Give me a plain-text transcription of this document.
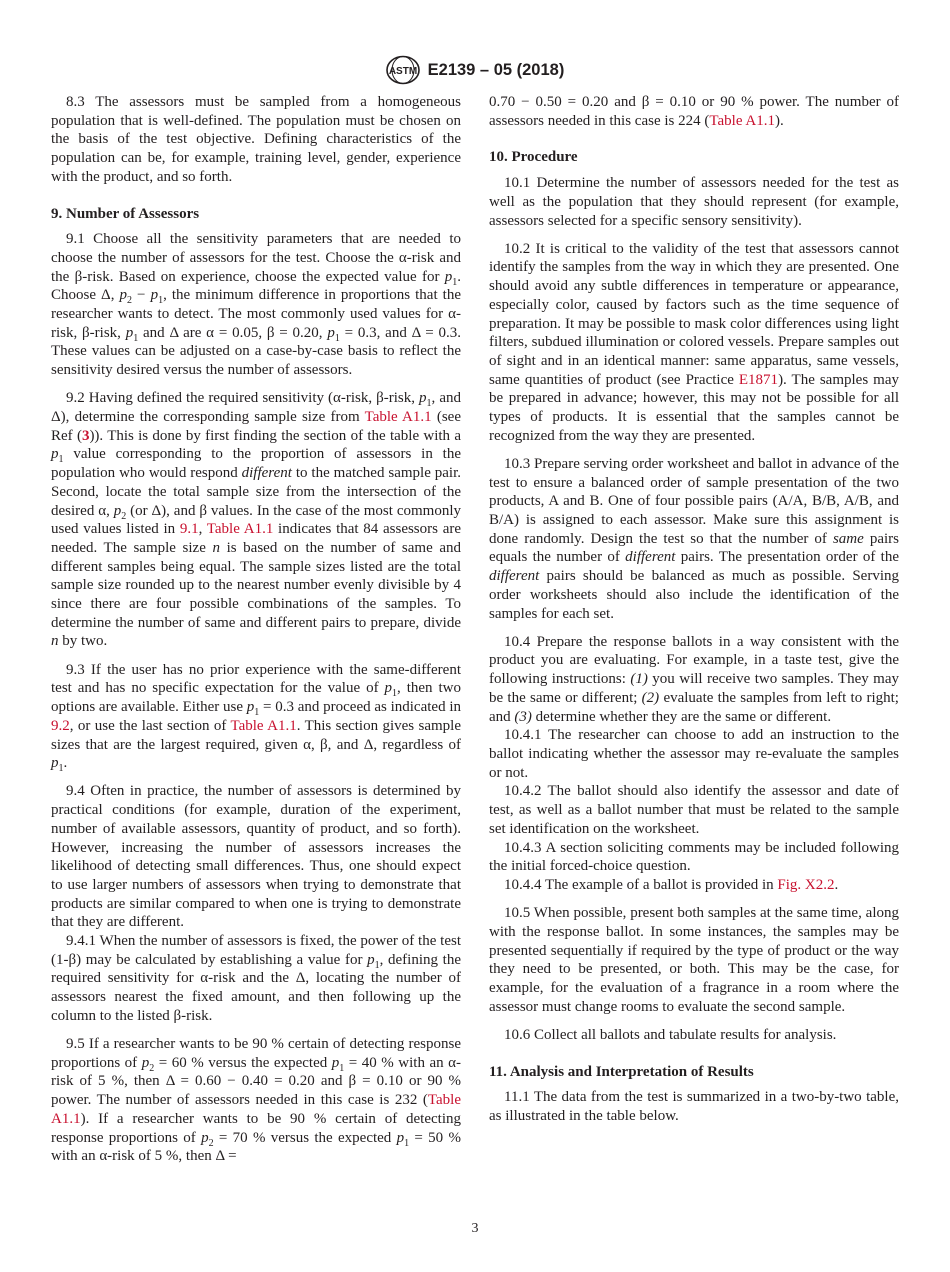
ASTM E2139 – 05 (2018)

8.3 The assessors must be sampled from a homogeneous population that is well-defined. The population must be chosen on the basis of the test objective. Defining characteristics of the population can be, for example, training level, gender, experience with the product, and so forth.

9. Number of Assessors

9.1 Choose all the sensitivity parameters that are needed to choose the number of assessors for the test. Choose the α-risk and the β-risk. Based on experience, choose the expected value for $p_1$. Choose Δ, $p_2 - p_1$, the minimum difference in proportions that the researcher wants to detect. The most commonly used values for α-risk, β-risk, $p_1$ and Δ are α = 0.05, β = 0.20, $p_1 = 0.3$, and Δ = 0.3. These values can be adjusted on a case-by-case basis to reflect the sensitivity desired versus the number of assessors.

9.2 Having defined the required sensitivity (α-risk, β-risk, $p_1$, and Δ), determine the corresponding sample size from Table A1.1 (see Ref (3)). This is done by first finding the section of the table with a $p_1$ value corresponding to the proportion of assessors in the population who would respond different to the matched sample pair. Second, locate the total sample size from the intersection of the desired α, $p_2$ (or Δ), and β values. In the case of the most commonly used values listed in 9.1, Table A1.1 indicates that 84 assessors are needed. The sample size n is based on the number of same and different samples being equal. The sample sizes listed are the total sample size rounded up to the nearest number evenly divisible by 4 since there are four possible combinations of the samples. To determine the number of same and different pairs to prepare, divide n by two.

9.3 If the user has no prior experience with the same-different test and has no specific expectation for the value of $p_1$, then two options are available. Either use $p_1 = 0.3$ and proceed as indicated in 9.2, or use the last section of Table A1.1. This section gives sample sizes that are the largest required, given α, β, and Δ, regardless of $p_1$.

9.4 Often in practice, the number of assessors is determined by practical conditions (for example, duration of the experiment, number of available assessors, quantity of product, and so forth). However, increasing the number of assessors increases the likelihood of detecting small differences. Thus, one should expect to use larger numbers of assessors when trying to demonstrate that products are similar compared to when one is trying to demonstrate that they are different.

9.4.1 When the number of assessors is fixed, the power of the test (1-β) may be calculated by establishing a value for $p_1$, defining the required sensitivity for α-risk and the Δ, locating the number of assessors nearest the fixed amount, and then following up the column to the listed β-risk.

9.5 If a researcher wants to be 90 % certain of detecting response proportions of $p_2 = 60$ % versus the expected $p_1 = 40$ % with an α-risk of 5 %, then Δ = 0.60 − 0.40 = 0.20 and β = 0.10 or 90 % power. The number of assessors needed in this case is 232 (Table A1.1). If a researcher wants to be 90 % certain of detecting response proportions of $p_2 = 70$ % versus the expected $p_1 = 50$ % with an α-risk of 5 %, then Δ =

0.70 − 0.50 = 0.20 and β = 0.10 or 90 % power. The number of assessors needed in this case is 224 (Table A1.1).

10. Procedure

10.1 Determine the number of assessors needed for the test as well as the population that they should represent (for example, assessors selected for a specific sensory sensitivity).

10.2 It is critical to the validity of the test that assessors cannot identify the samples from the way in which they are presented. One should avoid any subtle differences in temperature or appearance, especially color, caused by factors such as the time sequence of preparation. It may be possible to mask color differences using light filters, subdued illumination or colored vessels. Prepare samples out of sight and in an identical manner: same apparatus, same vessels, same quantities of product (see Practice E1871). The samples may be prepared in advance; however, this may not be possible for all types of products. It is essential that the samples cannot be recognized from the way they are presented.

10.3 Prepare serving order worksheet and ballot in advance of the test to ensure a balanced order of sample presentation of the two products, A and B. One of four possible pairs (A/A, B/B, A/B, and B/A) is assigned to each assessor. Make sure this assignment is done randomly. Design the test so that the number of same pairs equals the number of different pairs. The presentation order of the different pairs should be balanced as much as possible. Serving order worksheets should also include the identification of the samples for each set.

10.4 Prepare the response ballots in a way consistent with the product you are evaluating. For example, in a taste test, give the following instructions: (1) you will receive two samples. They may be the same or different; (2) evaluate the samples from left to right; and (3) determine whether they are the same or different.

10.4.1 The researcher can choose to add an instruction to the ballot indicating whether the assessor may re-evaluate the samples or not.

10.4.2 The ballot should also identify the assessor and date of test, as well as a ballot number that must be related to the sample set identification on the worksheet.

10.4.3 A section soliciting comments may be included following the initial forced-choice question.

10.4.4 The example of a ballot is provided in Fig. X2.2.

10.5 When possible, present both samples at the same time, along with the response ballot. In some instances, the samples may be presented sequentially if required by the type of product or the way they need to be presented, or both. This may be the case, for example, for the evaluation of a fragrance in a room where the assessor must change rooms to evaluate the second sample.

10.6 Collect all ballots and tabulate results for analysis.

11. Analysis and Interpretation of Results

11.1 The data from the test is summarized in a two-by-two table, as illustrated in the table below.

3
